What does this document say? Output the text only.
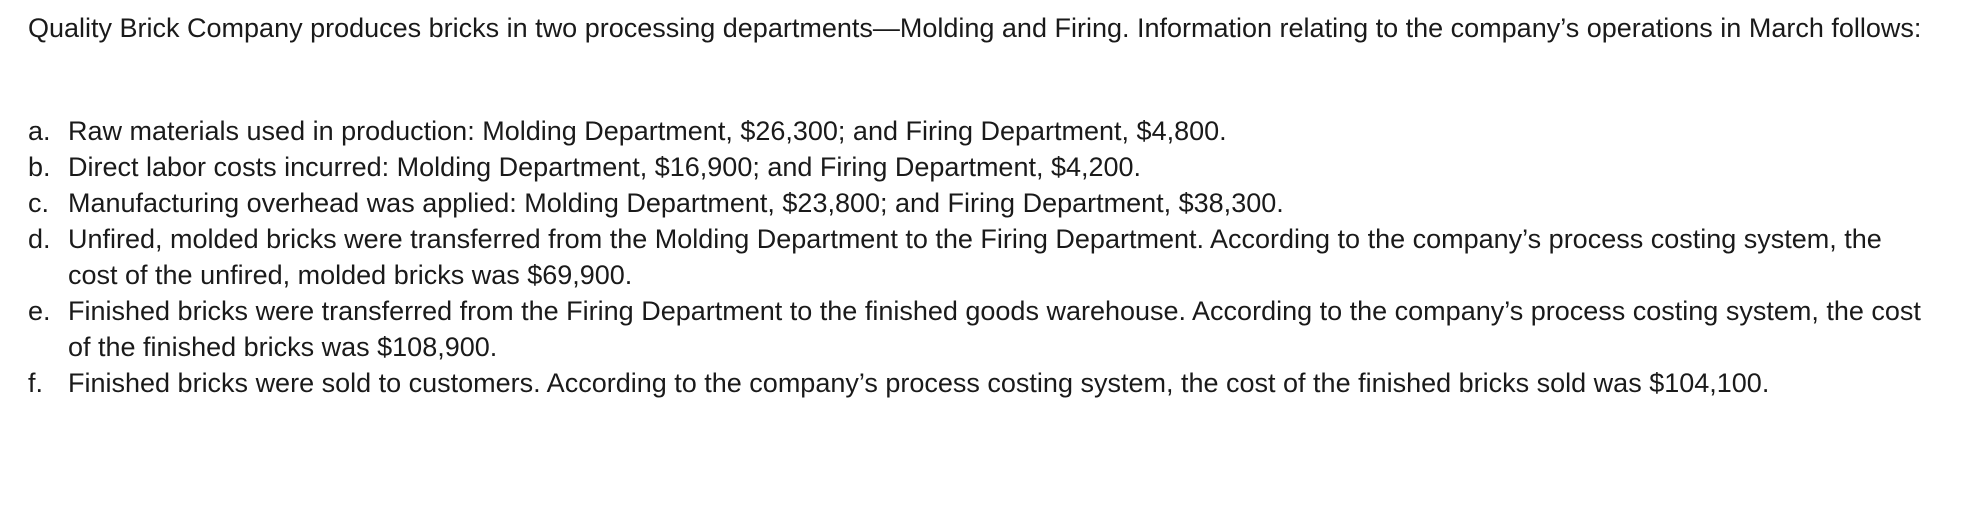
Quality Brick Company produces bricks in two processing departments—Molding and Firing. Information relating to the company’s operations in March follows:

a. Raw materials used in production: Molding Department, $26,300; and Firing Department, $4,800.
b. Direct labor costs incurred: Molding Department, $16,900; and Firing Department, $4,200.
c. Manufacturing overhead was applied: Molding Department, $23,800; and Firing Department, $38,300.
d. Unfired, molded bricks were transferred from the Molding Department to the Firing Department. According to the company’s process costing system, the cost of the unfired, molded bricks was $69,900.
e. Finished bricks were transferred from the Firing Department to the finished goods warehouse. According to the company’s process costing system, the cost of the finished bricks was $108,900.
f. Finished bricks were sold to customers. According to the company’s process costing system, the cost of the finished bricks sold was $104,100.
